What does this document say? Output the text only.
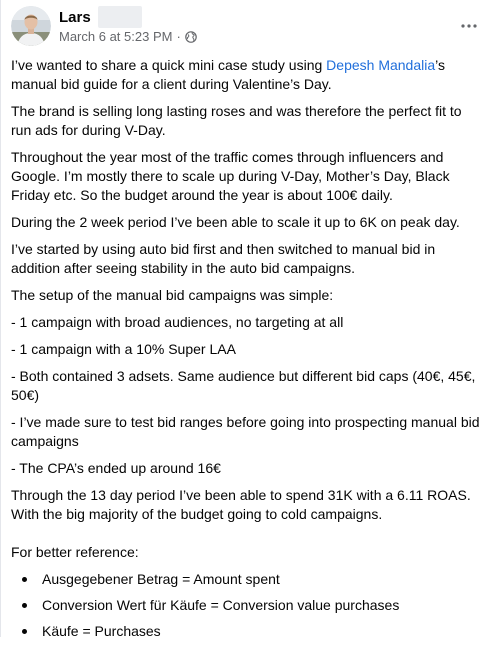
Lars
March 6 at 5:23 PM ·

I’ve wanted to share a quick mini case study using Depesh Mandalia’s manual bid guide for a client during Valentine’s Day.

The brand is selling long lasting roses and was therefore the perfect fit to run ads for during V-Day.

Throughout the year most of the traffic comes through influencers and Google. I’m mostly there to scale up during V-Day, Mother’s Day, Black Friday etc. So the budget around the year is about 100€ daily.

During the 2 week period I’ve been able to scale it up to 6K on peak day.

I’ve started by using auto bid first and then switched to manual bid in addition after seeing stability in the auto bid campaigns.

The setup of the manual bid campaigns was simple:

- 1 campaign with broad audiences, no targeting at all

- 1 campaign with a 10% Super LAA

- Both contained 3 adsets. Same audience but different bid caps (40€, 45€, 50€)

- I’ve made sure to test bid ranges before going into prospecting manual bid campaigns

- The CPA’s ended up around 16€

Through the 13 day period I’ve been able to spend 31K with a 6.11 ROAS. With the big majority of the budget going to cold campaigns.

For better reference:

Ausgegebener Betrag = Amount spent
Conversion Wert für Käufe = Conversion value purchases
Käufe = Purchases
